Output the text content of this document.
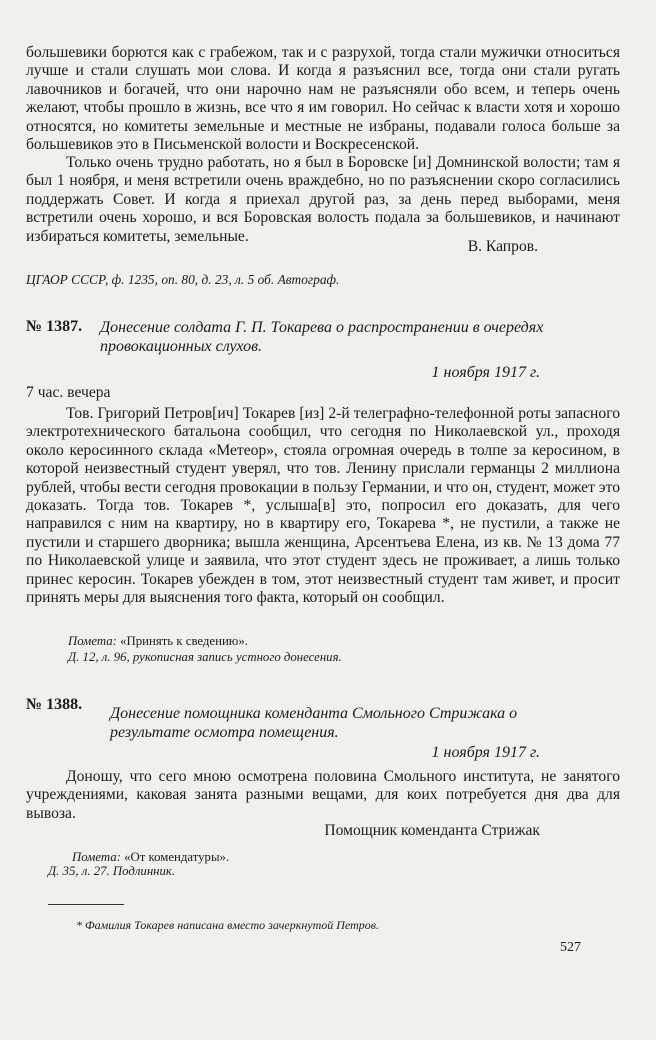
большевики борются как с грабежом, так и с разрухой, тогда стали мужички относиться лучше и стали слушать мои слова. И когда я разъяснил все, тогда они стали ругать лавочников и богачей, что они нарочно нам не разъясняли обо всем, и теперь очень желают, чтобы прошло в жизнь, все что я им говорил. Но сейчас к власти хотя и хорошо относятся, но комитеты земельные и местные не избраны, подавали голоса больше за большевиков это в Письменской волости и Воскресенской.

Только очень трудно работать, но я был в Боровске [и] Домнинской волости; там я был 1 ноября, и меня встретили очень враждебно, но по разъяснении скоро согласились поддержать Совет. И когда я приехал другой раз, за день перед выборами, меня встретили очень хорошо, и вся Боровская волость подала за большевиков, и начинают избираться комитеты, земельные.

В. Капров.
ЦГАОР СССР, ф. 1235, оп. 80, д. 23, л. 5 об. Автограф.
№ 1387. Донесение солдата Г. П. Токарева о распространении в очередях провокационных слухов.
1 ноября 1917 г.
7 час. вечера

Тов. Григорий Петров[ич] Токарев [из] 2-й телеграфно-телефонной роты запасного электротехнического батальона сообщил, что сегодня по Николаевской ул., проходя около керосинного склада «Метеор», стояла огромная очередь в толпе за керосином, в которой неизвестный студент уверял, что тов. Ленину прислали германцы 2 миллиона рублей, чтобы вести сегодня провокации в пользу Германии, и что он, студент, может это доказать. Тогда тов. Токарев *, услыша[в] это, попросил его доказать, для чего направился с ним на квартиру, но в квартиру его, Токарева *, не пустили, а также не пустили и старшего дворника; вышла женщина, Арсентьева Елена, из кв. № 13 дома 77 по Николаевской улице и заявила, что этот студент здесь не проживает, а лишь только принес керосин. Токарев убежден в том, этот неизвестный студент там живет, и просит принять меры для выяснения того факта, который он сообщил.

Помета: «Принять к сведению».
Д. 12, л. 96, рукописная запись устного донесения.
№ 1388.
Донесение помощника коменданта Смольного Стрижака о результате осмотра помещения.
1 ноября 1917 г.

Доношу, что сего мною осмотрена половина Смольного института, не занятого учреждениями, каковая занята разными вещами, для коих потребуется дня два для вывоза.

Помощник коменданта Стрижак
Помета: «От комендатуры».
Д. 35, л. 27. Подлинник.
* Фамилия Токарев написана вместо зачеркнутой Петров.
527
